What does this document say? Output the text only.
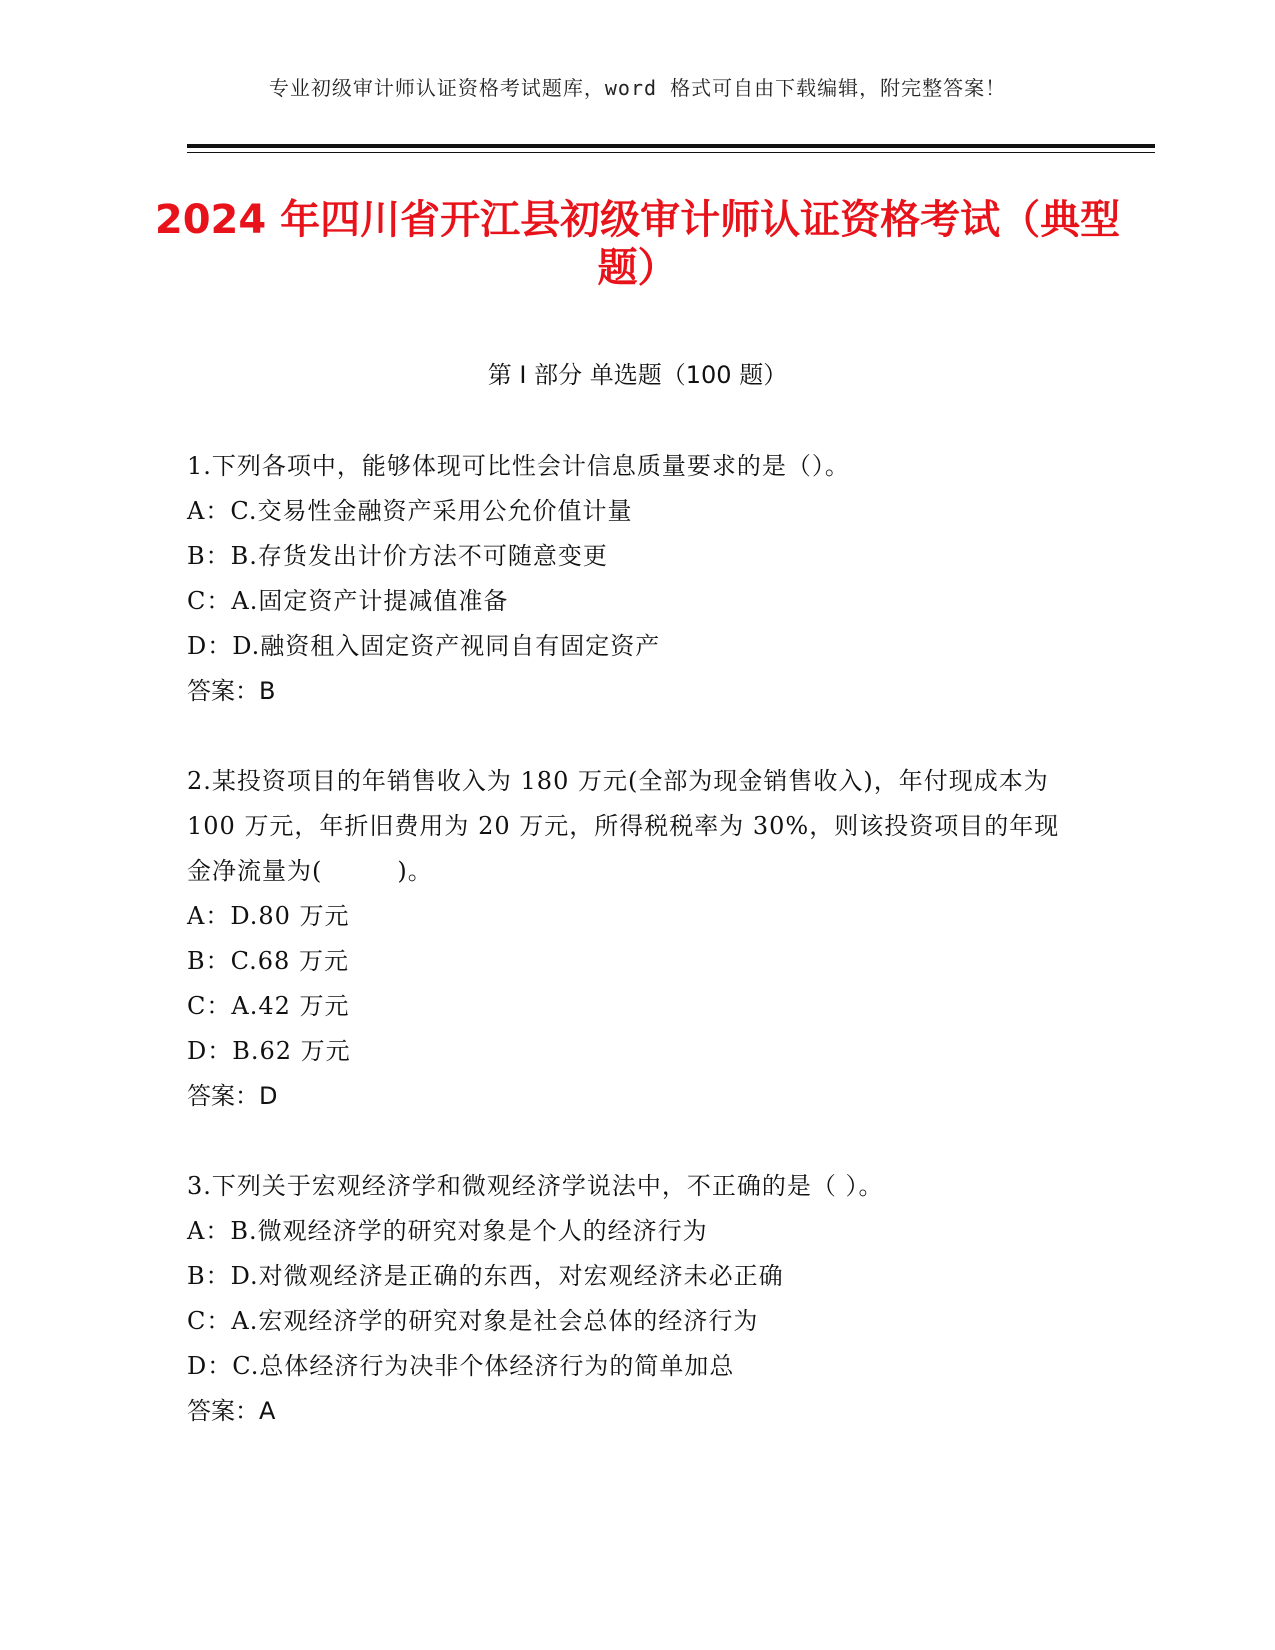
专业初级审计师认证资格考试题库，word 格式可自由下载编辑，附完整答案！
2024 年四川省开江县初级审计师认证资格考试（典型题）
第 I 部分 单选题（100 题）

1.下列各项中，能够体现可比性会计信息质量要求的是（）。

A：C.交易性金融资产采用公允价值计量

B：B.存货发出计价方法不可随意变更

C：A.固定资产计提减值准备

D：D.融资租入固定资产视同自有固定资产

答案：B

2.某投资项目的年销售收入为 180 万元(全部为现金销售收入)，年付现成本为 100 万元，年折旧费用为 20 万元，所得税税率为 30%，则该投资项目的年现金净流量为(　　　)。

A：D.80 万元

B：C.68 万元

C：A.42 万元

D：B.62 万元

答案：D

3.下列关于宏观经济学和微观经济学说法中，不正确的是（ ）。

A：B.微观经济学的研究对象是个人的经济行为

B：D.对微观经济是正确的东西，对宏观经济未必正确

C：A.宏观经济学的研究对象是社会总体的经济行为

D：C.总体经济行为决非个体经济行为的简单加总

答案：A
